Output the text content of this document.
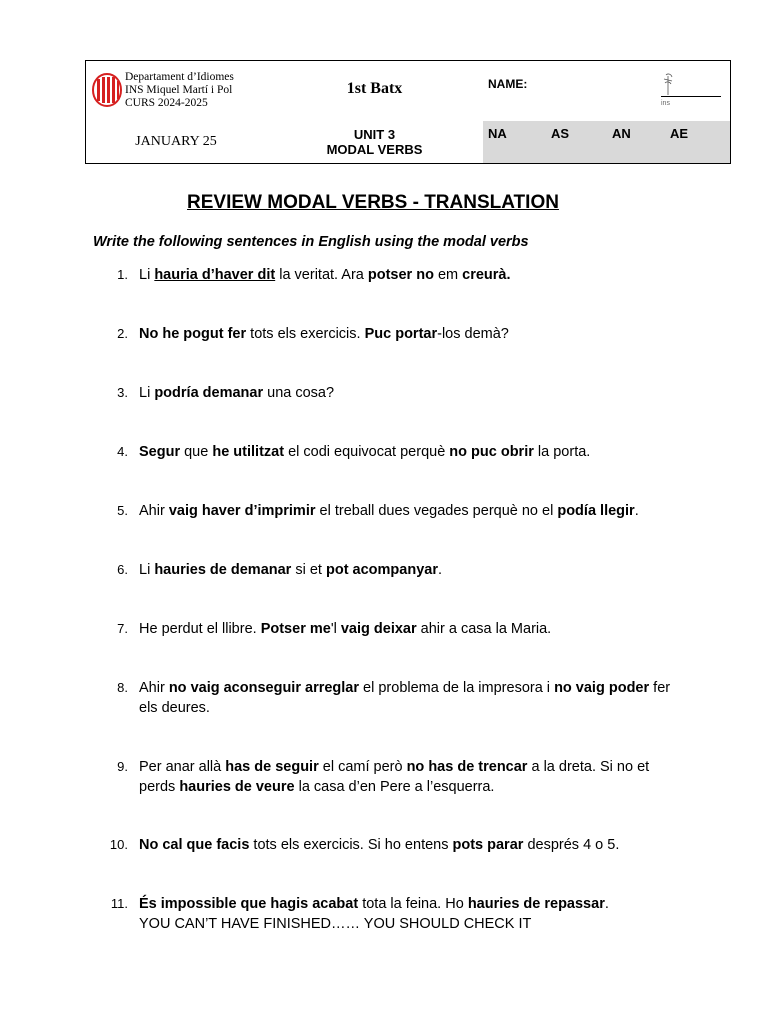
Departament d’Idiomes
INS Miquel Martí i Pol
CURS 2024-2025
1st Batx	NAME:
ins
JANUARY 25	UNIT 3
MODAL VERBS
NA	AS	AN	AE
REVIEW MODAL VERBS - TRANSLATION
Write the following sentences in English using the modal verbs
1. Li hauria d’haver dit la veritat. Ara potser no em creurà.
2. No he pogut fer tots els exercicis. Puc portar-los demà?
3. Li podría demanar una cosa?
4. Segur que he utilitzat el codi equivocat perquè no puc obrir la porta.
5. Ahir vaig haver d’imprimir el treball dues vegades perquè no el podía llegir.
6. Li hauries de demanar si et pot acompanyar.
7. He perdut el llibre. Potser me'l vaig deixar ahir a casa la Maria.
8. Ahir no vaig aconseguir arreglar el problema de la impresora i no vaig poder fer els deures.
9. Per anar allà has de seguir el camí però no has de trencar a la dreta. Si no et perds hauries de veure la casa d’en Pere a l’esquerra.
10. No cal que facis tots els exercicis. Si ho entens pots parar després 4 o 5.
11. És impossible que hagis acabat tota la feina. Ho hauries de repassar.
YOU CAN’T HAVE FINISHED…… YOU SHOULD CHECK IT
